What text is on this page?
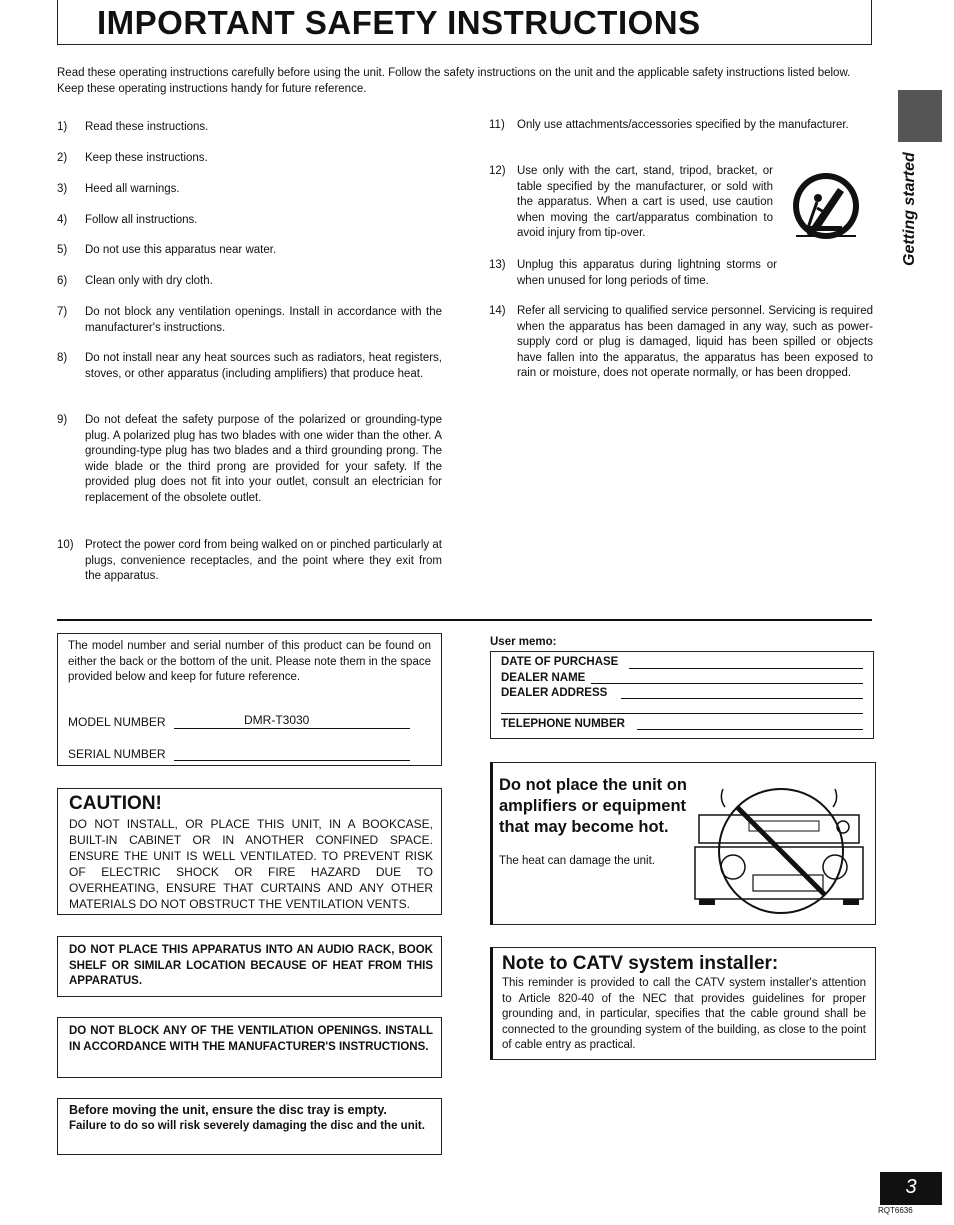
IMPORTANT SAFETY INSTRUCTIONS
Read these operating instructions carefully before using the unit. Follow the safety instructions on the unit and the applicable safety instructions listed below. Keep these operating instructions handy for future reference.
1) Read these instructions.
2) Keep these instructions.
3) Heed all warnings.
4) Follow all instructions.
5) Do not use this apparatus near water.
6) Clean only with dry cloth.
7) Do not block any ventilation openings. Install in accordance with the manufacturer's instructions.
8) Do not install near any heat sources such as radiators, heat registers, stoves, or other apparatus (including amplifiers) that produce heat.
9) Do not defeat the safety purpose of the polarized or grounding-type plug. A polarized plug has two blades with one wider than the other. A grounding-type plug has two blades and a third grounding prong. The wide blade or the third prong are provided for your safety. If the provided plug does not fit into your outlet, consult an electrician for replacement of the obsolete outlet.
10) Protect the power cord from being walked on or pinched particularly at plugs, convenience receptacles, and the point where they exit from the apparatus.
11) Only use attachments/accessories specified by the manufacturer.
12) Use only with the cart, stand, tripod, bracket, or table specified by the manufacturer, or sold with the apparatus. When a cart is used, use caution when moving the cart/apparatus combination to avoid injury from tip-over.
13) Unplug this apparatus during lightning storms or when unused for long periods of time.
14) Refer all servicing to qualified service personnel. Servicing is required when the apparatus has been damaged in any way, such as power-supply cord or plug is damaged, liquid has been spilled or objects have fallen into the apparatus, the apparatus has been exposed to rain or moisture, does not operate normally, or has been dropped.
Getting started
The model number and serial number of this product can be found on either the back or the bottom of the unit. Please note them in the space provided below and keep for future reference.
MODEL NUMBER	DMR-T3030
SERIAL NUMBER
CAUTION!
DO NOT INSTALL, OR PLACE THIS UNIT, IN A BOOKCASE, BUILT-IN CABINET OR IN ANOTHER CONFINED SPACE. ENSURE THE UNIT IS WELL VENTILATED. TO PREVENT RISK OF ELECTRIC SHOCK OR FIRE HAZARD DUE TO OVERHEATING, ENSURE THAT CURTAINS AND ANY OTHER MATERIALS DO NOT OBSTRUCT THE VENTILATION VENTS.
DO NOT PLACE THIS APPARATUS INTO AN AUDIO RACK, BOOK SHELF OR SIMILAR LOCATION BECAUSE OF HEAT FROM THIS APPARATUS.
DO NOT BLOCK ANY OF THE VENTILATION OPENINGS. INSTALL IN ACCORDANCE WITH THE MANUFACTURER'S INSTRUCTIONS.
Before moving the unit, ensure the disc tray is empty.
Failure to do so will risk severely damaging the disc and the unit.
User memo:
DATE OF PURCHASE
DEALER NAME
DEALER ADDRESS
TELEPHONE NUMBER
Do not place the unit on amplifiers or equipment that may become hot.
The heat can damage the unit.
Note to CATV system installer:
This reminder is provided to call the CATV system installer's attention to Article 820-40 of the NEC that provides guidelines for proper grounding and, in particular, specifies that the cable ground shall be connected to the grounding system of the building, as close to the point of cable entry as practical.
3
RQT6636
